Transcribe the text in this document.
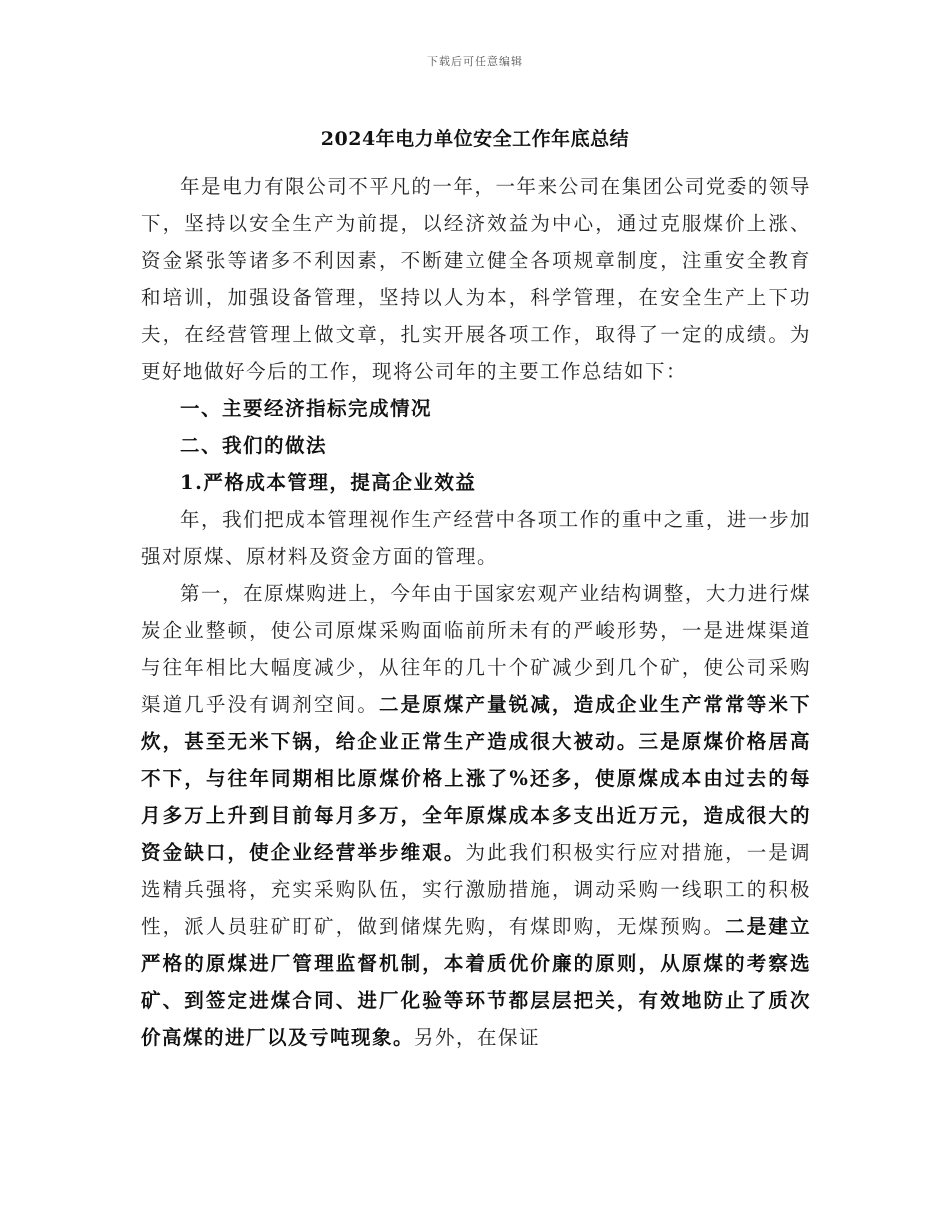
下载后可任意编辑
2024年电力单位安全工作年底总结

年是电力有限公司不平凡的一年，一年来公司在集团公司党委的领导下，坚持以安全生产为前提，以经济效益为中心，通过克服煤价上涨、资金紧张等诸多不利因素，不断建立健全各项规章制度，注重安全教育和培训，加强设备管理，坚持以人为本，科学管理，在安全生产上下功夫，在经营管理上做文章，扎实开展各项工作，取得了一定的成绩。为更好地做好今后的工作，现将公司年的主要工作总结如下：

一、主要经济指标完成情况

二、我们的做法

1.严格成本管理，提高企业效益

年，我们把成本管理视作生产经营中各项工作的重中之重，进一步加强对原煤、原材料及资金方面的管理。

第一，在原煤购进上，今年由于国家宏观产业结构调整，大力进行煤炭企业整顿，使公司原煤采购面临前所未有的严峻形势，一是进煤渠道与往年相比大幅度减少，从往年的几十个矿减少到几个矿，使公司采购渠道几乎没有调剂空间。二是原煤产量锐减，造成企业生产常常等米下炊，甚至无米下锅，给企业正常生产造成很大被动。三是原煤价格居高不下，与往年同期相比原煤价格上涨了%还多，使原煤成本由过去的每月多万上升到目前每月多万，全年原煤成本多支出近万元，造成很大的资金缺口，使企业经营举步维艰。为此我们积极实行应对措施，一是调选精兵强将，充实采购队伍，实行激励措施，调动采购一线职工的积极性，派人员驻矿盯矿，做到储煤先购，有煤即购，无煤预购。二是建立严格的原煤进厂管理监督机制，本着质优价廉的原则，从原煤的考察选矿、到签定进煤合同、进厂化验等环节都层层把关，有效地防止了质次价高煤的进厂以及亏吨现象。另外，在保证
